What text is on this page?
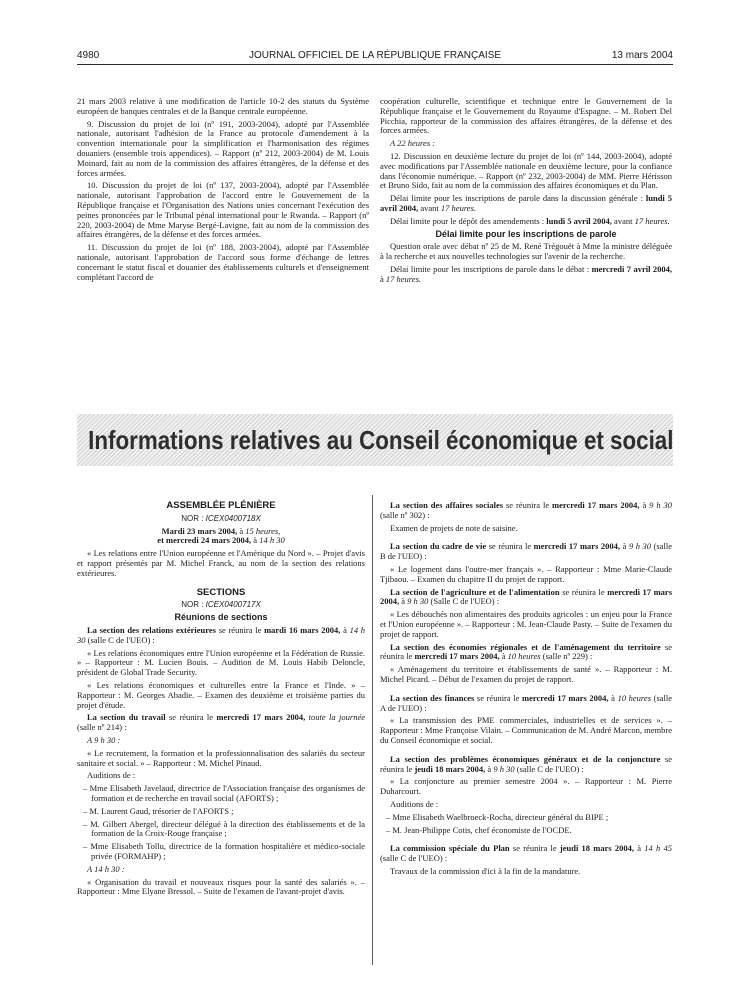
4980	JOURNAL OFFICIEL DE LA RÉPUBLIQUE FRANÇAISE	13 mars 2004

21 mars 2003 relative à une modification de l'article 10-2 des statuts du Système européen de banques centrales et de la Banque centrale européenne.

9. Discussion du projet de loi (nº 191, 2003-2004), adopté par l'Assemblée nationale, autorisant l'adhésion de la France au protocole d'amendement à la convention internationale pour la simplification et l'harmonisation des régimes douaniers (ensemble trois appendices). – Rapport (nº 212, 2003-2004) de M. Louis Moinard, fait au nom de la commission des affaires étrangères, de la défense et des forces armées.

10. Discussion du projet de loi (nº 137, 2003-2004), adopté par l'Assemblée nationale, autorisant l'approbation de l'accord entre le Gouvernement de la République française et l'Organisation des Nations unies concernant l'exécution des peines prononcées par le Tribunal pénal international pour le Rwanda. – Rapport (nº 220, 2003-2004) de Mme Maryse Bergé-Lavigne, fait au nom de la commission des affaires étrangères, de la défense et des forces armées.

11. Discussion du projet de loi (nº 188, 2003-2004), adopté par l'Assemblée nationale, autorisant l'approbation de l'accord sous forme d'échange de lettres concernant le statut fiscal et douanier des établissements culturels et d'enseignement complétant l'accord de

coopération culturelle, scientifique et technique entre le Gouvernement de la République française et le Gouvernement du Royaume d'Espagne. – M. Robert Del Picchia, rapporteur de la commission des affaires étrangères, de la défense et des forces armées.

A 22 heures :

12. Discussion en deuxième lecture du projet de loi (nº 144, 2003-2004), adopté avec modifications par l'Assemblée nationale en deuxième lecture, pour la confiance dans l'économie numérique. – Rapport (nº 232, 2003-2004) de MM. Pierre Hérisson et Bruno Sido, fait au nom de la commission des affaires économiques et du Plan.

Délai limite pour les inscriptions de parole dans la discussion générale : lundi 5 avril 2004, avant 17 heures.

Délai limite pour le dépôt des amendements : lundi 5 avril 2004, avant 17 heures.

Délai limite pour les inscriptions de parole

Question orale avec débat nº 25 de M. René Trégouët à Mme la ministre déléguée à la recherche et aux nouvelles technologies sur l'avenir de la recherche.

Délai limite pour les inscriptions de parole dans le débat : mercredi 7 avril 2004, à 17 heures.

Informations relatives au Conseil économique et social

ASSEMBLÉE PLÉNIÈRE

NOR : ICEX0400718X

Mardi 23 mars 2004, à 15 heures,

et mercredi 24 mars 2004, à 14 h 30

« Les relations entre l'Union européenne et l'Amérique du Nord ». – Projet d'avis et rapport présentés par M. Michel Franck, au nom de la section des relations extérieures.

SECTIONS

NOR : ICEX0400717X

Réunions de sections

La section des relations extérieures se réunira le mardi 16 mars 2004, à 14 h 30 (salle C de l'UEO) :

« Les relations économiques entre l'Union européenne et la Fédération de Russie. » – Rapporteur : M. Lucien Bouis. – Audition de M. Louis Habib Deloncle, président de Global Trade Security.

« Les relations économiques et culturelles entre la France et l'Inde. » – Rapporteur : M. Georges Abadie. – Examen des deuxième et troisième parties du projet d'étude.

La section du travail se réunira le mercredi 17 mars 2004, toute la journée (salle nº 214) :

A 9 h 30 :

« Le recrutement, la formation et la professionnalisation des salariés du secteur sanitaire et social. » – Rapporteur : M. Michel Pinaud.

Auditions de :

– Mme Elisabeth Javelaud, directrice de l'Association française des organismes de formation et de recherche en travail social (AFORTS) ;

– M. Laurent Gaud, trésorier de l'AFORTS ;

– M. Gilbert Abergel, directeur délégué à la direction des établissements et de la formation de la Croix-Rouge française ;

– Mme Elisabeth Tollu, directrice de la formation hospitalière et médico-sociale privée (FORMAHP) ;

A 14 h 30 :

« Organisation du travail et nouveaux risques pour la santé des salariés ». – Rapporteur : Mme Elyane Bressol. – Suite de l'examen de l'avant-projet d'avis.

La section des affaires sociales se réunira le mercredi 17 mars 2004, à 9 h 30 (salle nº 302) :

Examen de projets de note de saisine.

La section du cadre de vie se réunira le mercredi 17 mars 2004, à 9 h 30 (salle B de l'UEO) :

« Le logement dans l'outre-mer français ». – Rapporteur : Mme Marie-Claude Tjibaou. – Examen du chapitre II du projet de rapport.

La section de l'agriculture et de l'alimentation se réunira le mercredi 17 mars 2004, à 9 h 30 (Salle C de l'UEO) :

« Les débouchés non alimentaires des produits agricoles : un enjeu pour la France et l'Union européenne ». – Rapporteur : M. Jean-Claude Pasty. – Suite de l'examen du projet de rapport.

La section des économies régionales et de l'aménagement du territoire se réunira le mercredi 17 mars 2004, à 10 heures (salle nº 229) :

« Aménagement du territoire et établissements de santé ». – Rapporteur : M. Michel Picard. – Début de l'examen du projet de rapport.

La section des finances se réunira le mercredi 17 mars 2004, à 10 heures (salle A de l'UEO) :

« La transmission des PME commerciales, industrielles et de services ». – Rapporteur : Mme Françoise Vilain. – Communication de M. André Marcon, membre du Conseil économique et social.

La section des problèmes économiques généraux et de la conjoncture se réunira le jeudi 18 mars 2004, à 9 h 30 (salle C de l'UEO) :

« La conjoncture au premier semestre 2004 ». – Rapporteur : M. Pierre Duharcourt.

Auditions de :

– Mme Elisabeth Waelbroeck-Rocha, directeur général du BIPE ;

– M. Jean-Philippe Cotis, chef économiste de l'OCDE.

La commission spéciale du Plan se réunira le jeudi 18 mars 2004, à 14 h 45 (salle C de l'UEO) :

Travaux de la commission d'ici à la fin de la mandature.
